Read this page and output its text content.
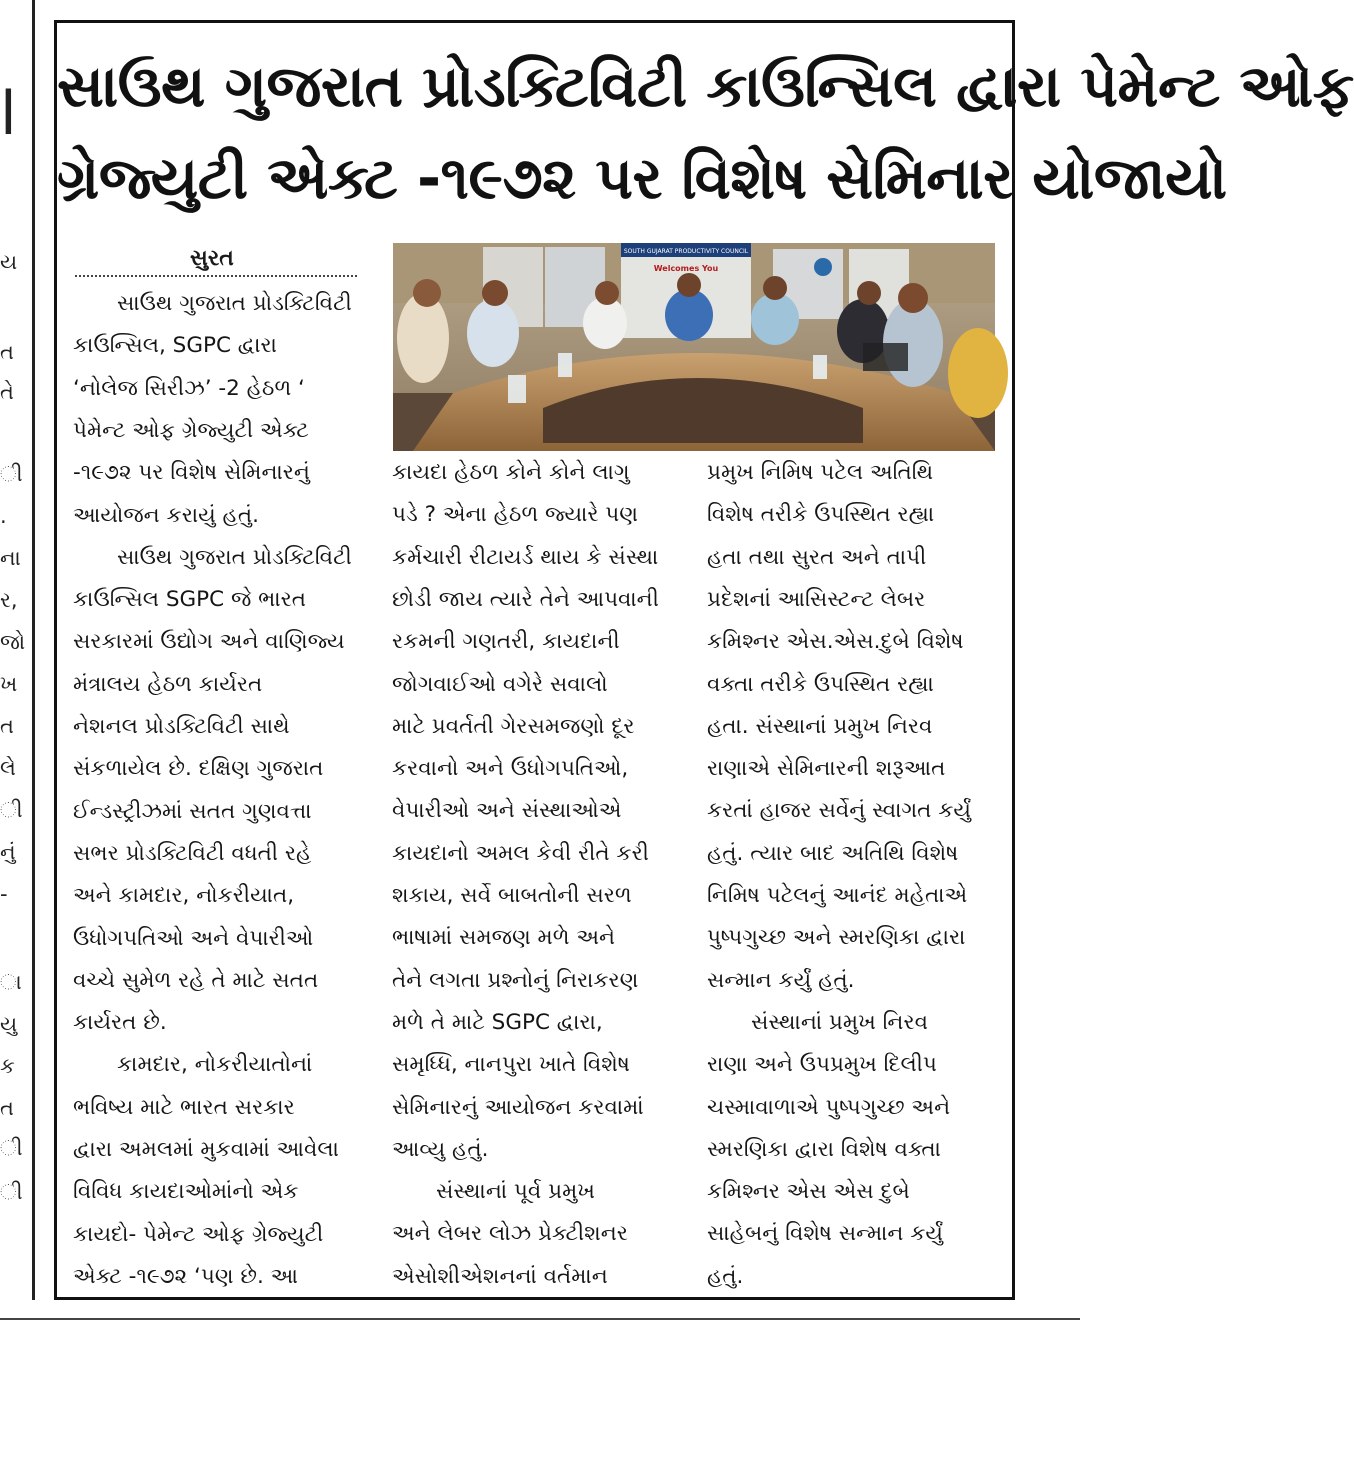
l
ય
ત
તે
ી
.
ના
ર,
જો
ખ
ત
લે
ી
નું
-
ા
યુ
ક
ત
ી
ી
સાઉથ ગુજરાત પ્રોડક્ટિવિટી કાઉન્સિલ દ્વારા પેમેન્ટ ઓફ
ગ્રેજ્યુટી એક્ટ -૧૯૭૨ પર વિશેષ સેમિનાર યોજાયો
સુરત	SOUTH GUJARAT PRODUCTIVITY COUNCIL
Welcomes You
સાઉથ ગુજરાત પ્રોડક્ટિવિટી
કાઉન્સિલ, SGPC દ્વારા
‘નોલેજ સિરીઝ’ -2 હેઠળ ‘
પેમેન્ટ ઓફ ગ્રેજ્યુટી એક્ટ
-૧૯૭૨ પર વિશેષ સેમિનારનું
આયોજન કરાયું હતું.
સાઉથ ગુજરાત પ્રોડક્ટિવિટી
કાઉન્સિલ SGPC જે ભારત
સરકારમાં ઉદ્યોગ અને વાણિજ્ય
મંત્રાલય હેઠળ કાર્યરત
નેશનલ પ્રોડક્ટિવિટી સાથે
સંકળાયેલ છે. દક્ષિણ ગુજરાત
ઈન્ડસ્ટ્રીઝમાં સતત ગુણવત્તા
સભર પ્રોડક્ટિવિટી વધતી રહે
અને કામદાર, નોકરીયાત,
ઉધોગપતિઓ અને વેપારીઓ
વચ્ચે સુમેળ રહે તે માટે સતત
કાર્યરત છે.
કામદાર, નોકરીયાતોનાં
ભવિષ્ય માટે ભારત સરકાર
દ્વારા અમલમાં મુકવામાં આવેલા
વિવિધ કાયદાઓમાંનો એક
કાયદો- પેમેન્ટ ઓફ ગ્રેજ્યુટી
એક્ટ -૧૯૭૨ ‘પણ છે. આ
કાયદા હેઠળ કોને કોને લાગુ
પડે ? એના હેઠળ જ્યારે પણ
કર્મચારી રીટાયર્ડ થાય કે સંસ્થા
છોડી જાય ત્યારે તેને આપવાની
રકમની ગણતરી, કાયદાની
જોગવાઈઓ વગેરે સવાલો
માટે પ્રવર્તતી ગેરસમજણો દૂર
કરવાનો અને ઉધોગપતિઓ,
વેપારીઓ અને સંસ્થાઓએ
કાયદાનો અમલ કેવી રીતે કરી
શકાય, સર્વે બાબતોની સરળ
ભાષામાં સમજણ મળે અને
તેને લગતા પ્રશ્નોનું નિરાકરણ
મળે તે માટે SGPC દ્વારા,
સમૃધ્ધિ, નાનપુરા ખાતે વિશેષ
સેમિનારનું આયોજન કરવામાં
આવ્યુ હતું.
સંસ્થાનાં પૂર્વ પ્રમુખ
અને લેબર લોઝ પ્રેક્ટીશનર
એસોશીએશનનાં વર્તમાન
પ્રમુખ નિમિષ પટેલ અતિથિ
વિશેષ તરીકે ઉપસ્થિત રહ્યા
હતા તથા સુરત અને તાપી
પ્રદેશનાં આસિસ્ટન્ટ લેબર
કમિશ્નર એસ.એસ.દુબે વિશેષ
વક્તા તરીકે ઉપસ્થિત રહ્યા
હતા. સંસ્થાનાં પ્રમુખ નિરવ
રાણાએ સેમિનારની શરૂઆત
કરતાં હાજર સર્વેનું સ્વાગત કર્યું
હતું. ત્યાર બાદ અતિથિ વિશેષ
નિમિષ પટેલનું આનંદ મહેતાએ
પુષ્પગુચ્છ અને સ્મરણિકા દ્વારા
સન્માન કર્યું હતું.
સંસ્થાનાં પ્રમુખ નિરવ
રાણા અને ઉપપ્રમુખ દિલીપ
ચસ્માવાળાએ પુષ્પગુચ્છ અને
સ્મરણિકા દ્વારા વિશેષ વક્તા
કમિશ્નર એસ એસ દુબે
સાહેબનું વિશેષ સન્માન કર્યું
હતું.
